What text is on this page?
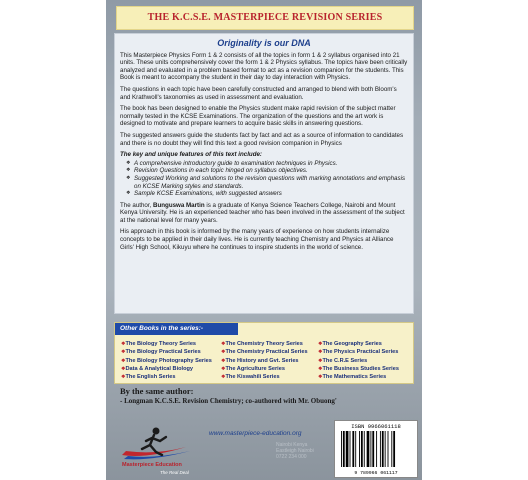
THE K.C.S.E. MASTERPIECE REVISION SERIES
Originality is our DNA

This Masterpiece Physics Form 1 & 2 consists of all the topics in form 1 & 2 syllabus organised into 21 units. These units comprehensively cover the form 1 & 2 Physics syllabus. The topics have been critically analyzed and evaluated in a problem based format to act as a revision companion for the students. This Book is meant to accompany the student in their day to day interaction with Physics.

The questions in each topic have been carefully constructed and arranged to blend with both Bloom's and Krathwoll's taxonomies as used in assessment and evaluation.

The book has been designed to enable the Physics student make rapid revision of the subject matter normally tested in the KCSE Examinations. The organization of the questions and the art work is designed to motivate and prepare learners to acquire basic skills in answering questions.

The suggested answers guide the students fact by fact and act as a source of information to candidates and there is no doubt they will find this text a good revision companion in Physics

The key and unique features of this text include:
❖ A comprehensive introductory guide to examination techniques in Physics.
❖ Revision Questions in each topic hinged on syllabus objectives.
❖ Suggested Working and solutions to the revision questions with marking annotations and emphasis on KCSE Marking styles and standards.
❖ Sample KCSE Examinations, with suggested answers

The author, Bunguswa Martin is a graduate of Kenya Science Teachers College, Nairobi and Mount Kenya University. He is an experienced teacher who has been involved in the assessment of the subject at the national level for many years.

His approach in this book is informed by the many years of experience on how students internalize concepts to be applied in their daily lives. He is currently teaching Chemistry and Physics at Alliance Girls' High School, Kikuyu where he continues to inspire students in the world of science.

Other Books in the series:-
❖ The Biology Theory Series
❖ The Biology Practical Series
❖ The Biology Photography Series
❖ Data & Analytical Biology
❖ The English Series
❖ The Chemistry Theory Series
❖ The Chemistry Practical Series
❖ The History and Gvt. Series
❖ The Agriculture Series
❖ The Kiswahili Series
❖ The Geography Series
❖ The Physics Practical Series
❖ The C.R.E Series
❖ The Business Studies Series
❖ The Mathematics Series
By the same author:
- Longman K.C.S.E. Revision Chemistry; co-authored with Mr. Obuong'
Masterpiece Education
The Real Deal
www.masterpiece-education.org
Nairobi Kenya
Eastleigh Nairobi
0722 234 000
ISBN 9966061118
9 789966 061117
